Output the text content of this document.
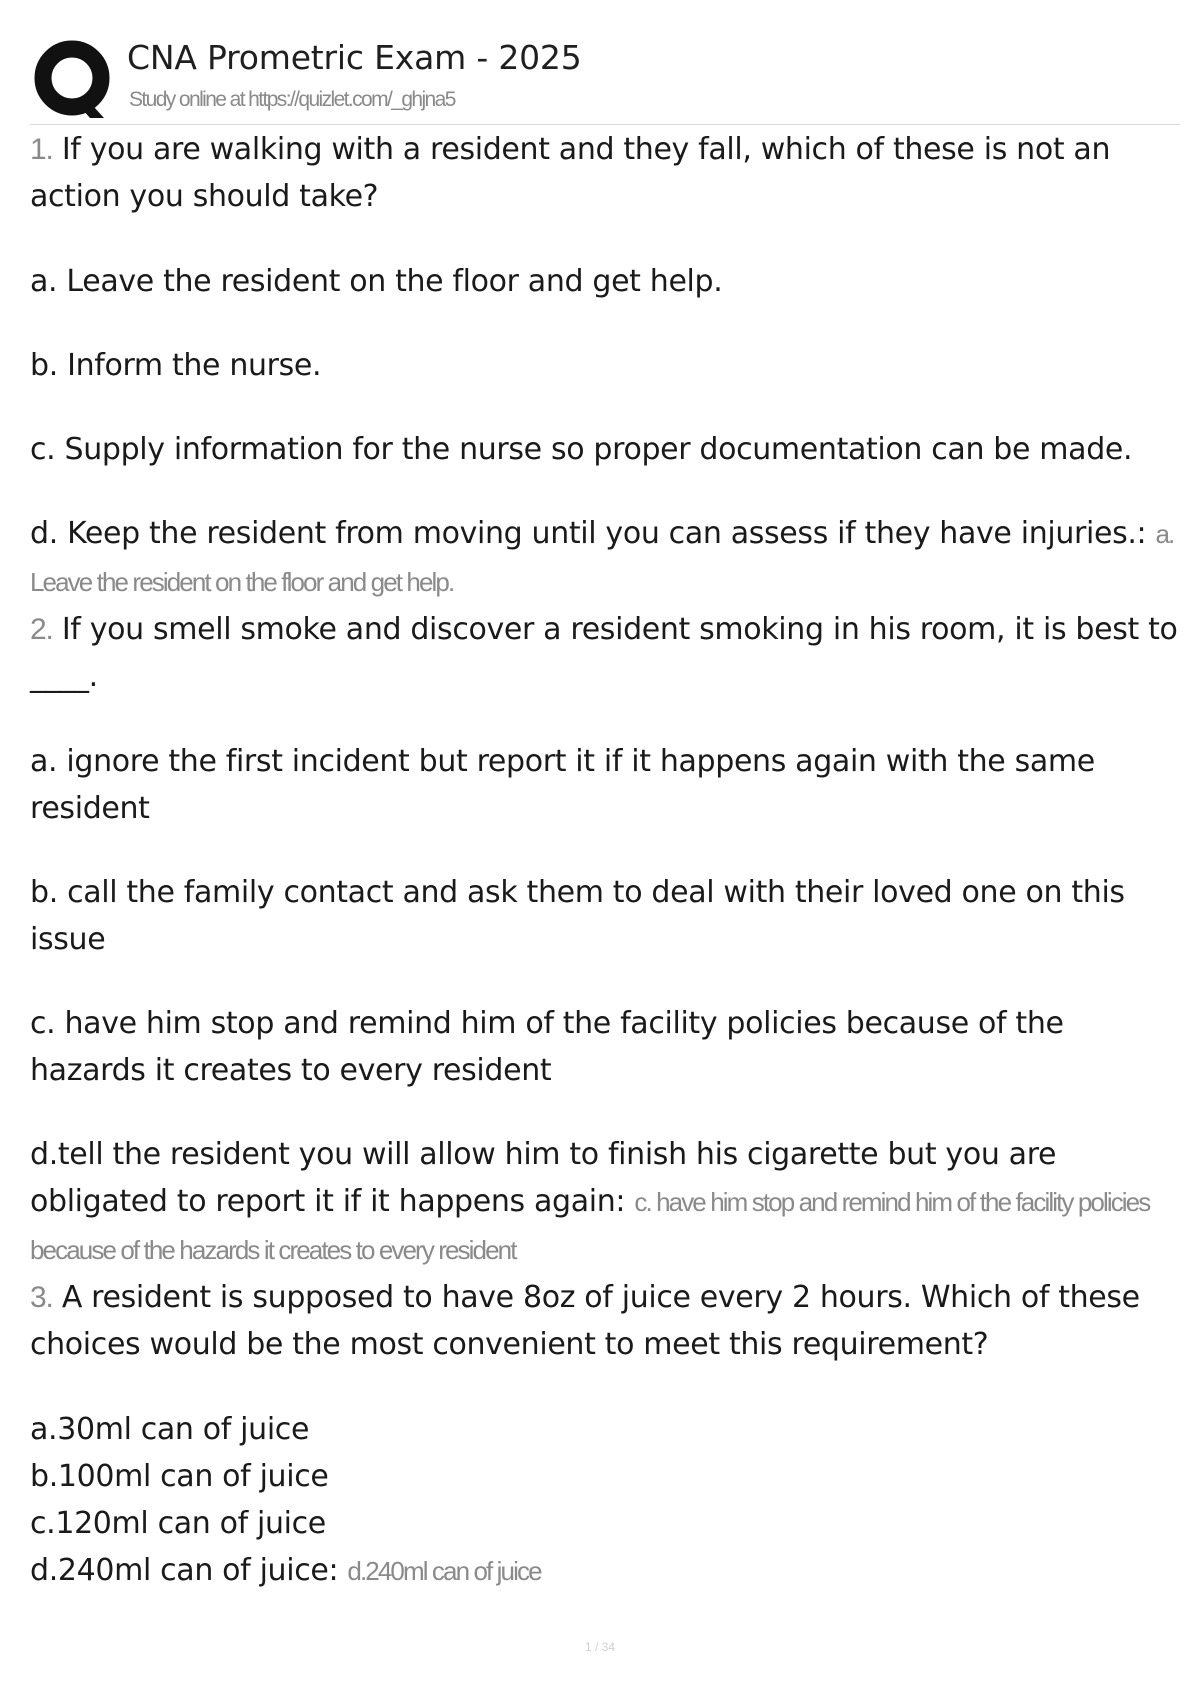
CNA Prometric Exam - 2025
Study online at https://quizlet.com/_ghjna5

1. If you are walking with a resident and they fall, which of these is not an action you should take?

a. Leave the resident on the floor and get help.

b. Inform the nurse.

c. Supply information for the nurse so proper documentation can be made.

d. Keep the resident from moving until you can assess if they have injuries.: a. Leave the resident on the floor and get help.

2. If you smell smoke and discover a resident smoking in his room, it is best to ____.

a. ignore the first incident but report it if it happens again with the same resident

b. call the family contact and ask them to deal with their loved one on this issue

c. have him stop and remind him of the facility policies because of the hazards it creates to every resident

d.tell the resident you will allow him to finish his cigarette but you are obligated to report it if it happens again: c. have him stop and remind him of the facility policies because of the hazards it creates to every resident

3. A resident is supposed to have 8oz of juice every 2 hours. Which of these choices would be the most convenient to meet this requirement?

a.30ml can of juice

b.100ml can of juice

c.120ml can of juice

d.240ml can of juice: d.240ml can of juice

1 / 34
